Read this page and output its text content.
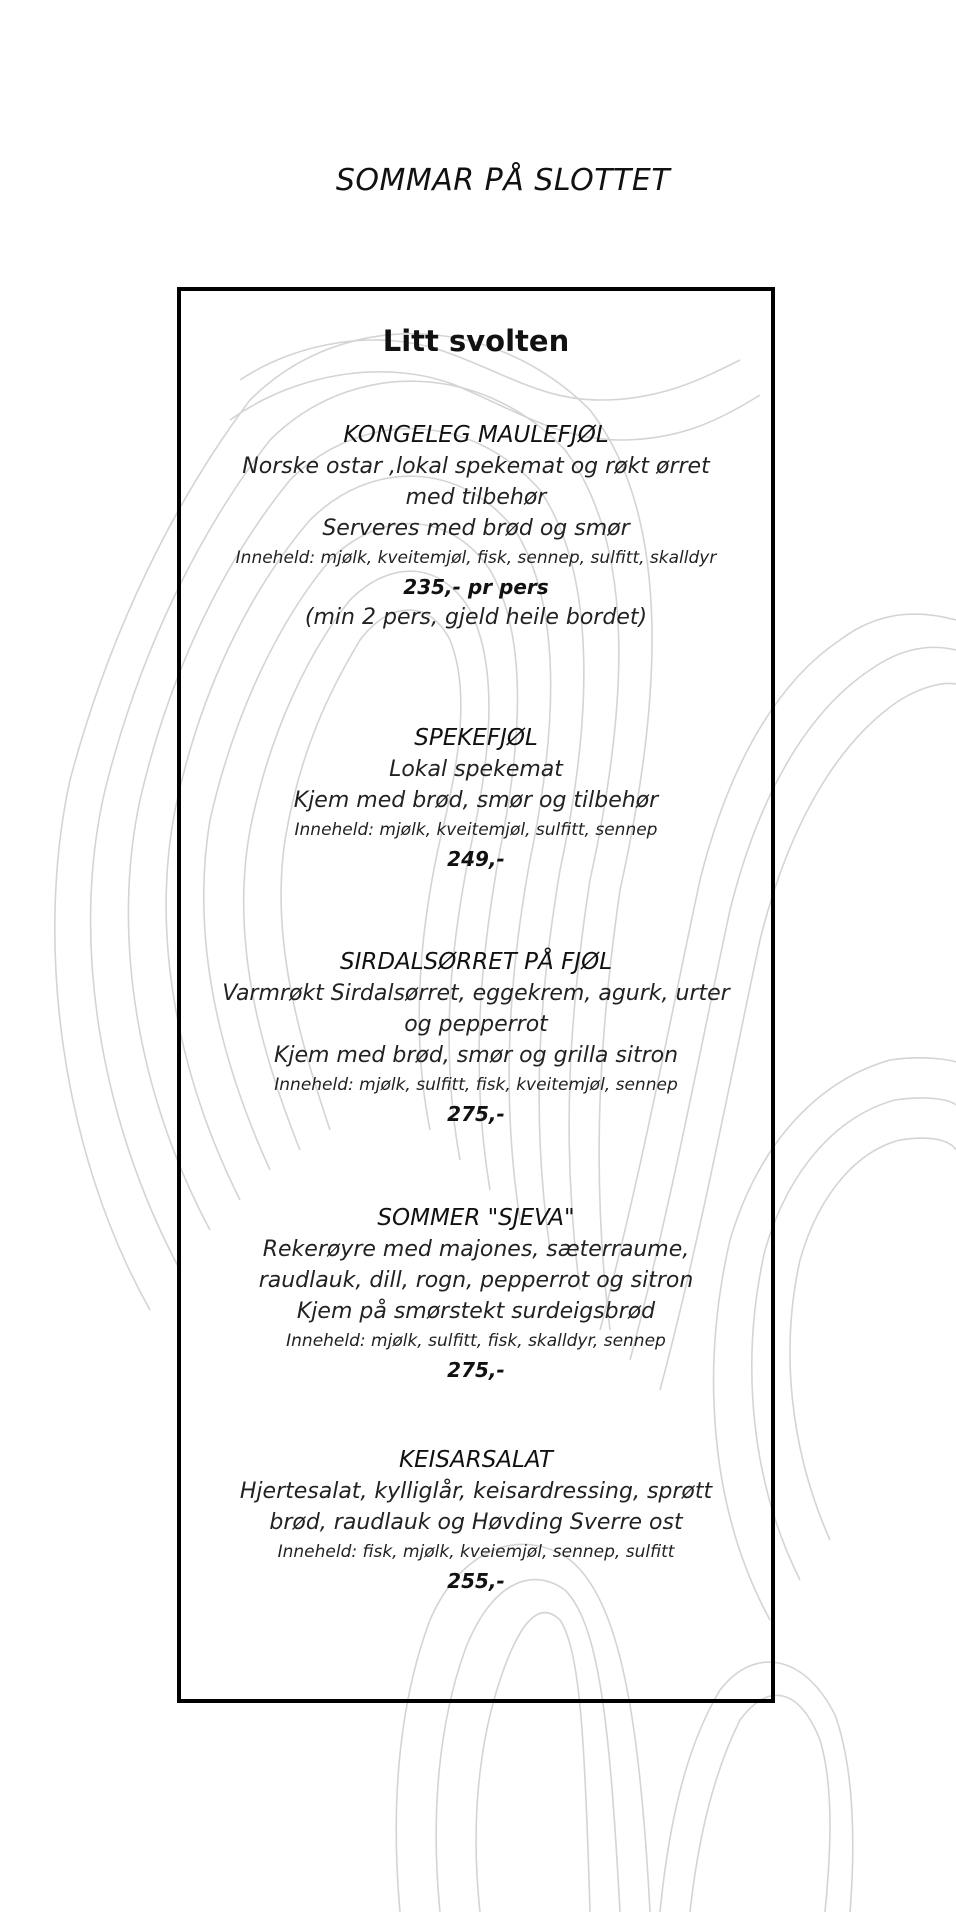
SOMMAR PÅ SLOTTET
Litt svolten
KONGELEG MAULEFJØL
Norske ostar ,lokal spekemat og røkt ørret
med tilbehør
Serveres med brød og smør
Inneheld: mjølk, kveitemjøl, fisk, sennep, sulfitt, skalldyr
235,- pr pers
(min 2 pers, gjeld heile bordet)
SPEKEFJØL
Lokal spekemat
Kjem med brød, smør og tilbehør
Inneheld: mjølk, kveitemjøl, sulfitt, sennep
249,-
SIRDALSØRRET PÅ FJØL
Varmrøkt Sirdalsørret, eggekrem, agurk, urter
og pepperrot
Kjem med brød, smør og grilla sitron
Inneheld: mjølk, sulfitt, fisk, kveitemjøl, sennep
275,-
SOMMER "SJEVA"
Rekerøyre med majones, sæterraume,
raudlauk, dill, rogn, pepperrot og sitron
Kjem på smørstekt surdeigsbrød
Inneheld: mjølk, sulfitt, fisk, skalldyr, sennep
275,-
KEISARSALAT
Hjertesalat, kylliglår, keisardressing, sprøtt
brød, raudlauk og Høvding Sverre ost
Inneheld: fisk, mjølk, kveiemjøl, sennep, sulfitt
255,-
